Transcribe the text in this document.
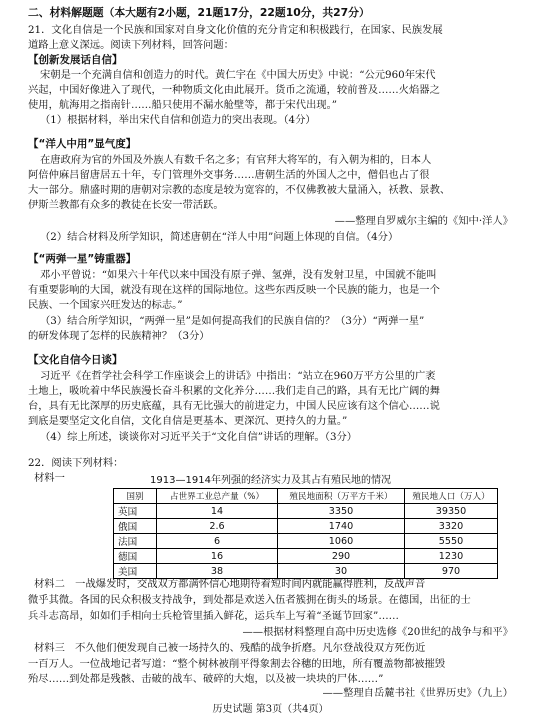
二、材料解题题（本大题有2小题，21题17分，22题10分，共27分）
21．文化自信是一个民族和国家对自身文化价值的充分肯定和积极践行，在国家、民族发展
道路上意义深远。阅读下列材料，回答问题：
【创新发展话自信】
宋朝是一个充满自信和创造力的时代。黄仁宇在《中国大历史》中说：“公元960年宋代
兴起，中国好像进入了现代，一种物质文化由此展开。货币之流通，较前普及……火焰器之
使用，航海用之指南针……船只使用不漏水舱壁等，都于宋代出现。”
（1）根据材料，举出宋代自信和创造力的突出表现。（4分）
【“洋人中用”显气度】
在唐政府为官的外国及外族人有数千名之多；有官拜大将军的，有入朝为相的，日本人
阿倍仲麻吕留唐居五十年，专门管理外交事务……唐朝生活的外国人之中，僧侣也占了很
大一部分。鼎盛时期的唐朝对宗教的态度是较为宽容的，不仅佛教被大量涌入，袄教、景教、
伊斯兰教都有众多的教徒在长安一带活跃。
——整理自罗威尔主编的《知中·洋人》
（2）结合材料及所学知识，简述唐朝在“洋人中用”问题上体现的自信。（4分）
【“两弹一星”铸重器】
邓小平曾说：“如果六十年代以来中国没有原子弹、氢弹，没有发射卫星，中国就不能叫
有重要影响的大国，就没有现在这样的国际地位。这些东西反映一个民族的能力，也是一个
民族、一个国家兴旺发达的标志。”
（3）结合所学知识，“两弹一星”是如何提高我们的民族自信的？（3分）“两弹一星”
的研发体现了怎样的民族精神？（3分）
【文化自信今日谈】
习近平《在哲学社会科学工作座谈会上的讲话》中指出：“站立在960万平方公里的广袤
土地上，吸吮着中华民族漫长奋斗积累的文化养分……我们走自己的路，具有无比广阔的舞
台，具有无比深厚的历史底蕴，具有无比强大的前进定力，中国人民应该有这个信心……说
到底是要坚定文化自信，文化自信是更基本、更深沉、更持久的力量。”
（4）综上所述，谈谈你对习近平关于“文化自信”讲话的理解。（3分）
22．阅读下列材料：
材料一	1913—1914年列强的经济实力及其占有殖民地的情况
国别	占世界工业总产量（%）	殖民地面积（万平方千米）	殖民地人口（万人）
英国	14	3350	39350
俄国	2.6	1740	3320
法国	6	1060	5550
德国	16	290	1230
美国	38	30	970
材料二　一战爆发时，交战双方都满怀信心地期待着短时间内就能赢得胜利，反战声音
微乎其微。各国的民众积极支持战争，到处都是欢送入伍者簇拥在街头的场景。在德国，出征的士
兵斗志高昂，如如们手相向士兵枪管里插入鲜花，运兵车上写着“圣诞节回家”……
——根据材料整理自高中历史选修《20世纪的战争与和平》
材料三　不久他们便发现自己被一场持久的、残酷的战争折磨。凡尔登战役双方死伤近
一百万人。一位战地记者写道：“整个树林被削平得象割去谷穗的田地，所有覆盖物都被摧毁
殆尽……到处都是残骸、击破的战车、破碎的大炮，以及被一块块的尸体……”
——整理自岳麓书社《世界历史》（九上）
历史试题 第3页（共4页）
